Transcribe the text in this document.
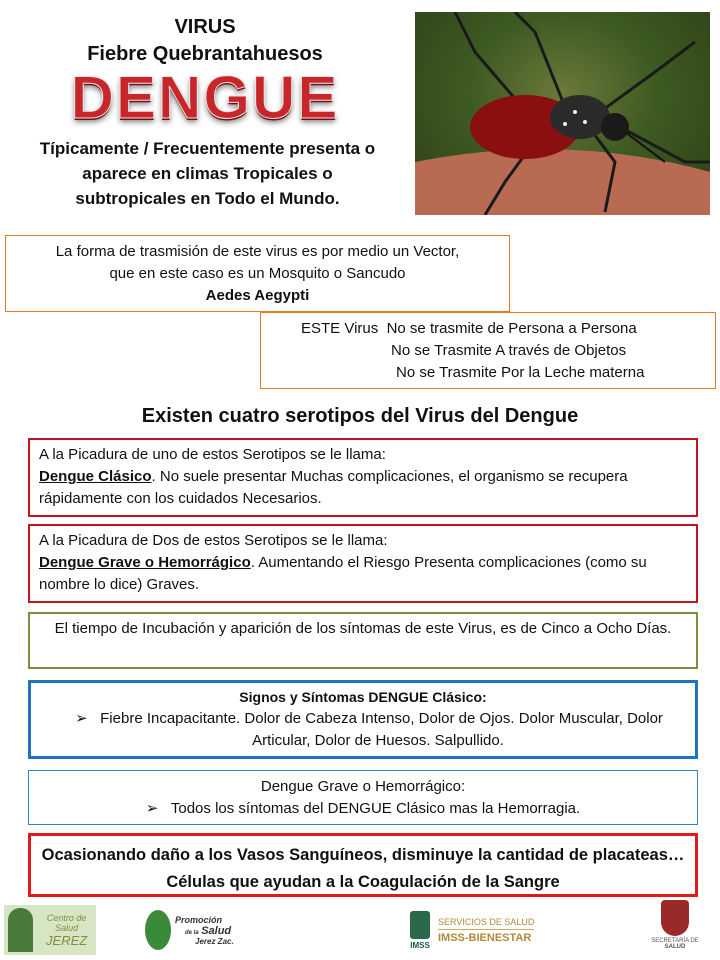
VIRUS
Fiebre Quebrantahuesos
DENGUE
Típicamente / Frecuentemente presenta o
aparece en climas Tropicales o
subtropicales en Todo el Mundo.
La forma de trasmisión de este virus es por medio un Vector,
que en este caso es un Mosquito o Sancudo
Aedes Aegypti
ESTE Virus No se trasmite de Persona a Persona
No se Trasmite A través de Objetos
No se Trasmite Por la Leche materna
Existen cuatro serotipos del Virus del Dengue
A la Picadura de uno de estos Serotipos se le llama:
Dengue Clásico. No suele presentar Muchas complicaciones, el organismo se recupera rápidamente con los cuidados Necesarios.
A la Picadura de Dos de estos Serotipos se le llama:
Dengue Grave o Hemorrágico. Aumentando el Riesgo Presenta complicaciones (como su nombre lo dice) Graves.
El tiempo de Incubación y aparición de los síntomas de este Virus, es de Cinco a Ocho Días.
Signos y Síntomas DENGUE Clásico:
➢   Fiebre Incapacitante. Dolor de Cabeza Intenso, Dolor de Ojos. Dolor Muscular, Dolor Articular, Dolor de Huesos. Salpullido.
Dengue Grave o Hemorrágico:
➢   Todos los síntomas del DENGUE Clásico mas la Hemorragia.
Ocasionando daño a los Vasos Sanguíneos, disminuye la cantidad de placateas…Células que ayudan a la Coagulación de la Sangre
Centro de Salud
JEREZ
Promoción
de la Salud
Jerez Zac.	IMSS
SERVICIOS DE SALUD
IMSS-BIENESTAR	SECRETARÍA DE
SALUD
